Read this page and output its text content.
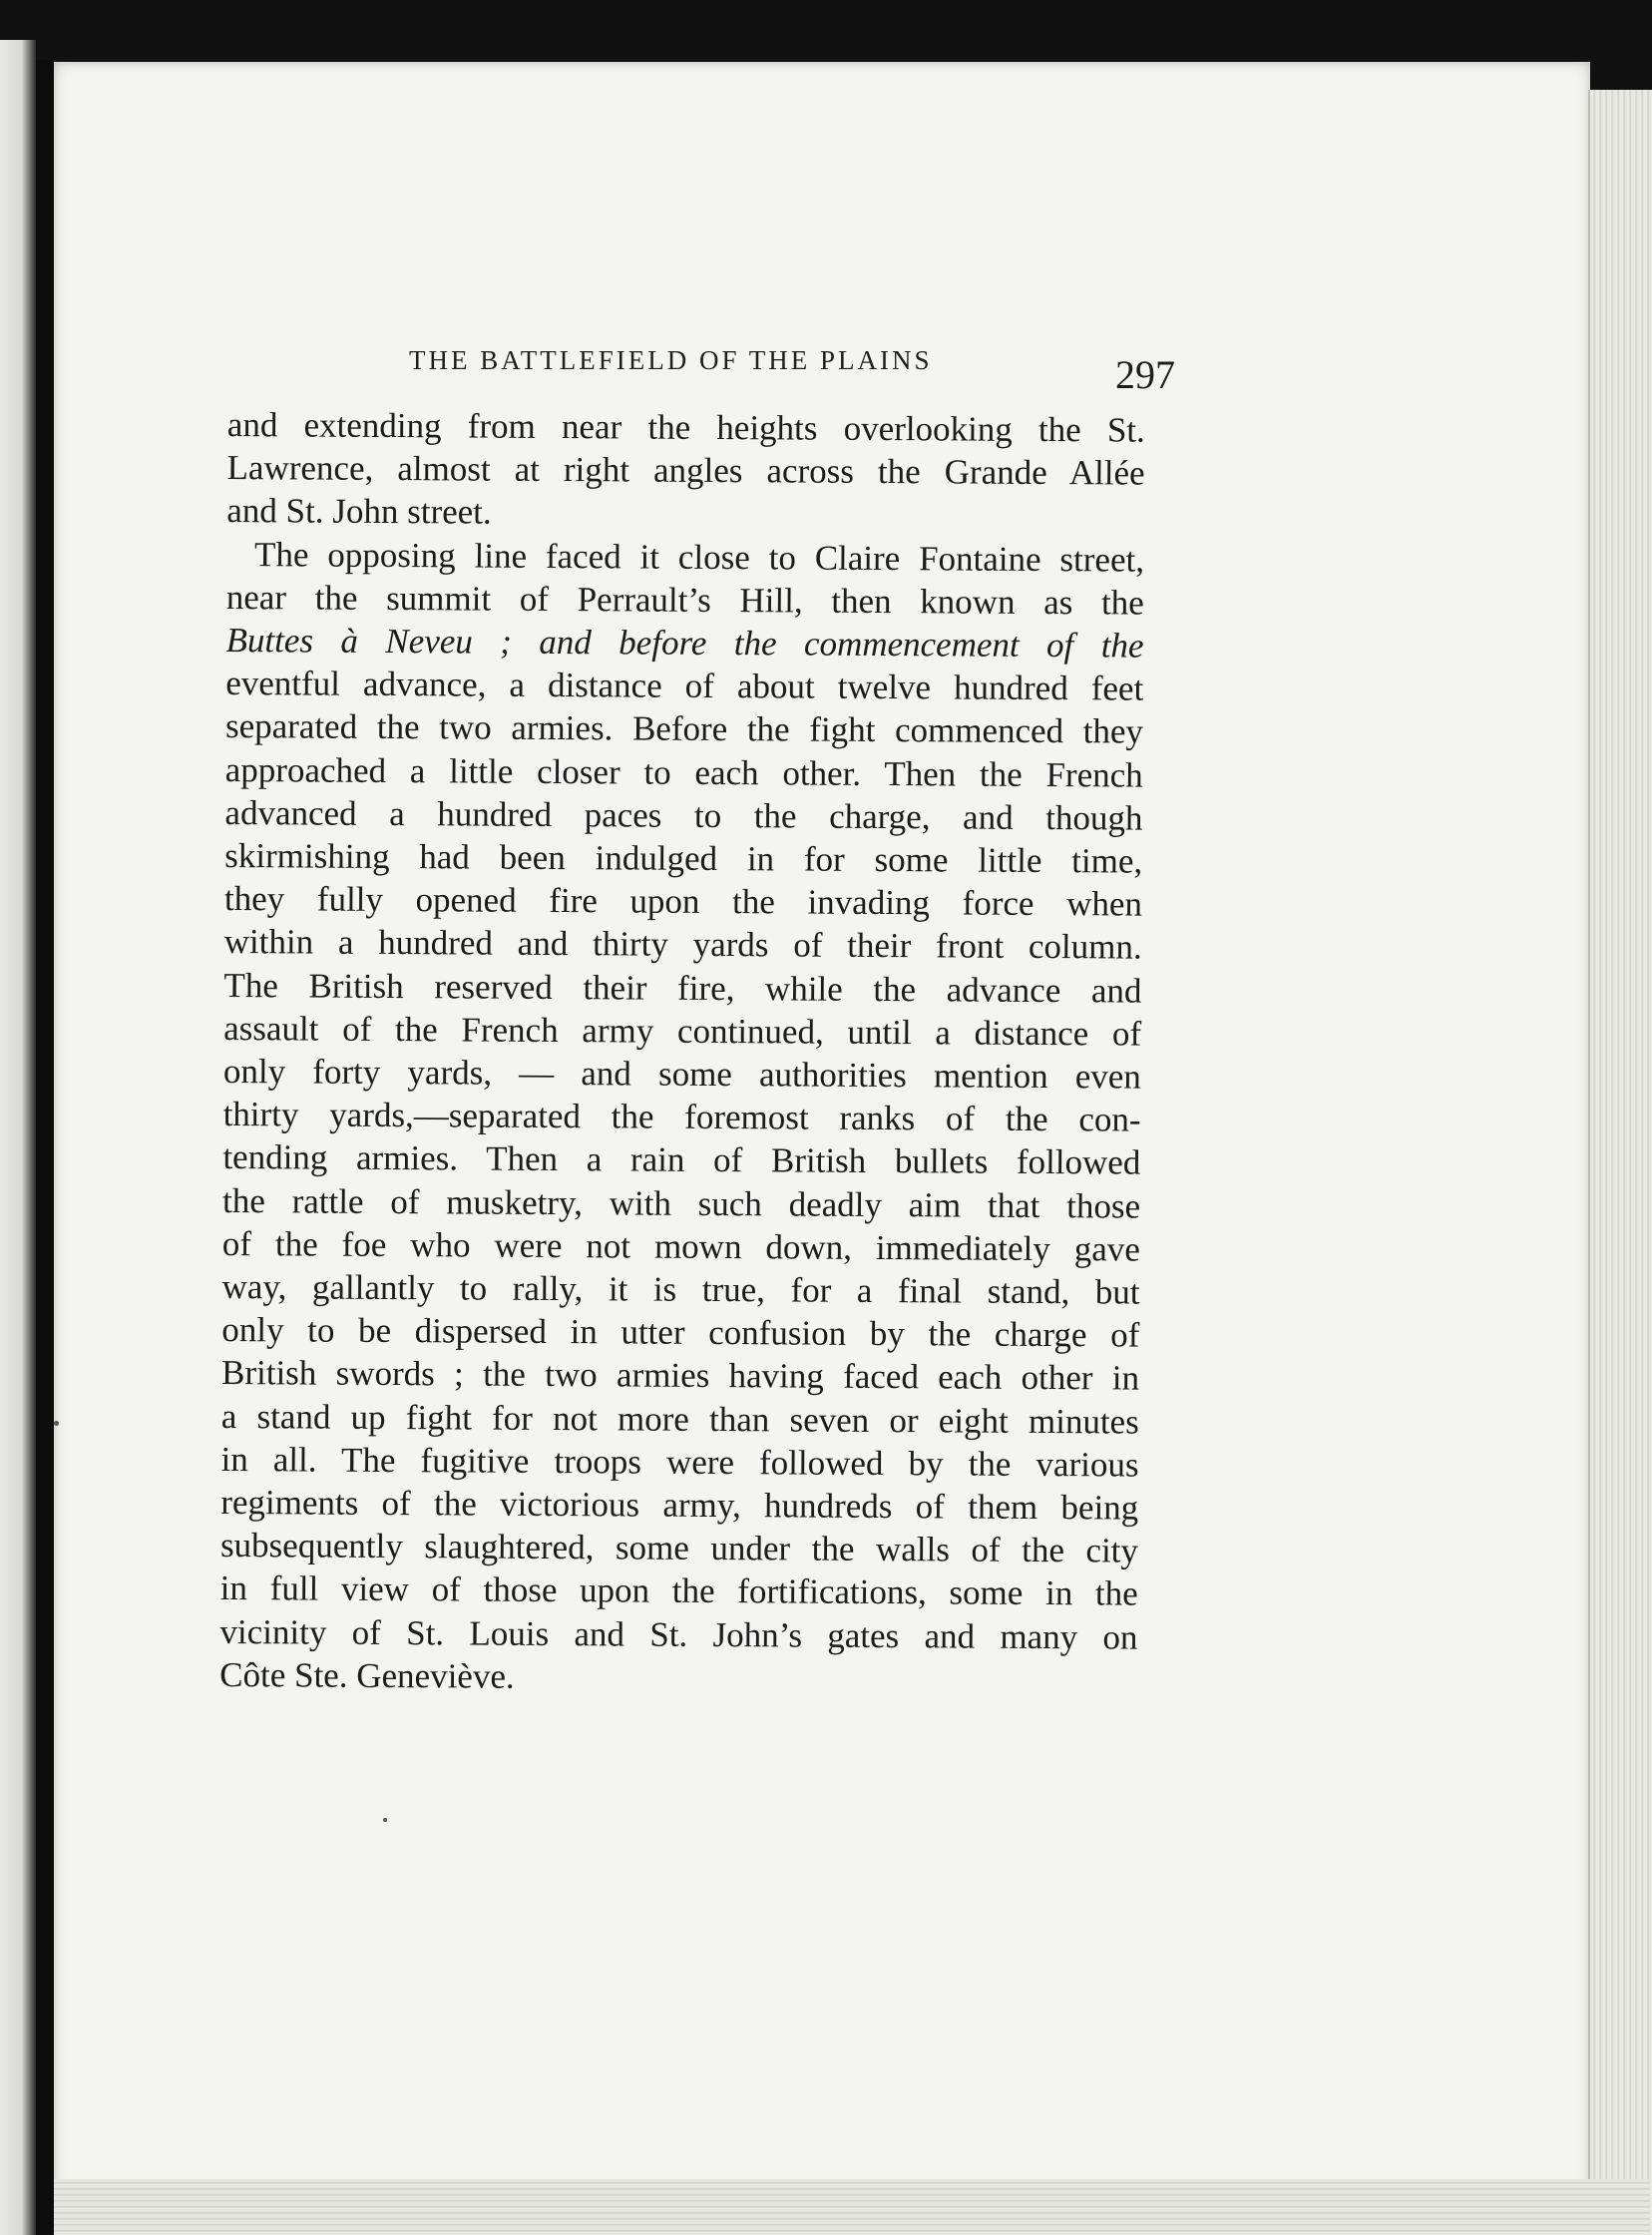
THE BATTLEFIELD OF THE PLAINS	297

and extending from near the heights overlooking the St.
Lawrence, almost at right angles across the Grande Allée
and St. John street.

The opposing line faced it close to Claire Fontaine street,
near the summit of Perrault’s Hill, then known as the
Buttes à Neveu ; and before the commencement of the
eventful advance, a distance of about twelve hundred feet
separated the two armies. Before the fight commenced they
approached a little closer to each other. Then the French
advanced a hundred paces to the charge, and though
skirmishing had been indulged in for some little time,
they fully opened fire upon the invading force when
within a hundred and thirty yards of their front column.
The British reserved their fire, while the advance and
assault of the French army continued, until a distance of
only forty yards, — and some authorities mention even
thirty yards,—separated the foremost ranks of the con-
tending armies. Then a rain of British bullets followed
the rattle of musketry, with such deadly aim that those
of the foe who were not mown down, immediately gave
way, gallantly to rally, it is true, for a final stand, but
only to be dispersed in utter confusion by the charge of
British swords ; the two armies having faced each other in
a stand up fight for not more than seven or eight minutes
in all. The fugitive troops were followed by the various
regiments of the victorious army, hundreds of them being
subsequently slaughtered, some under the walls of the city
in full view of those upon the fortifications, some in the
vicinity of St. Louis and St. John’s gates and many on
Côte Ste. Geneviève.
